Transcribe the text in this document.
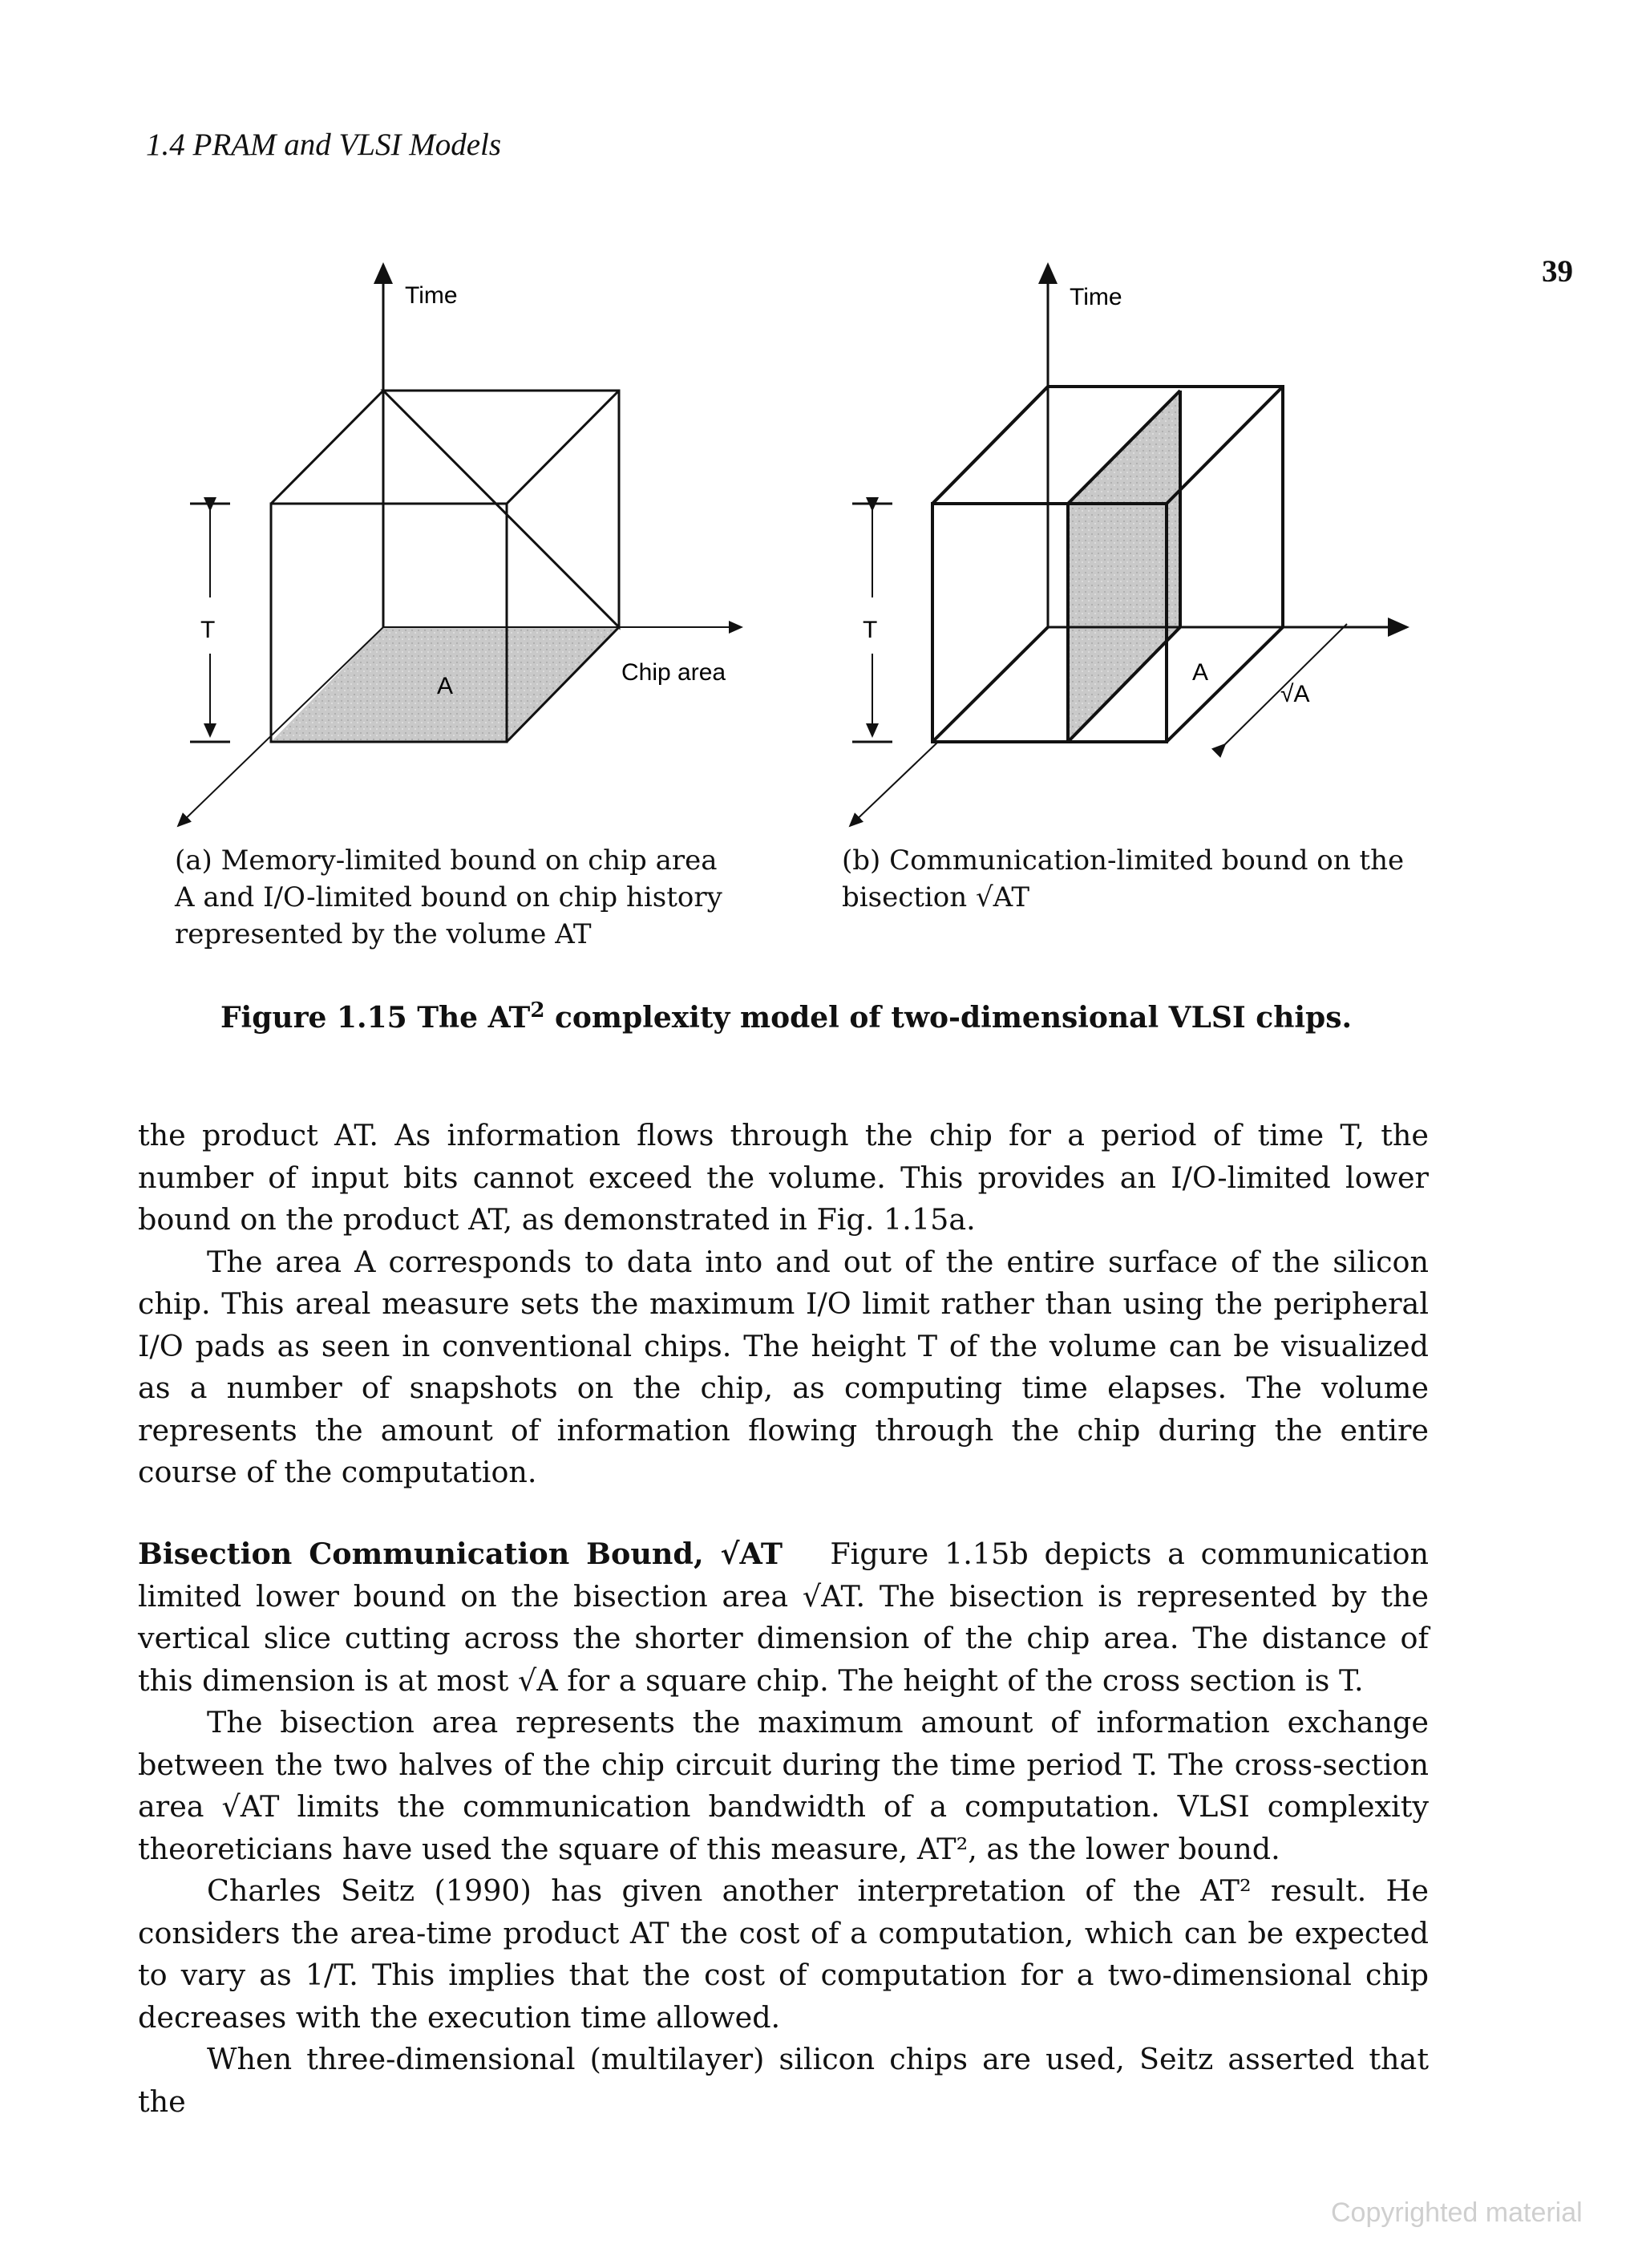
1.4 PRAM and VLSI Models
39
Time
Chip area
T
A
Time
T
A
√A
(a) Memory-limited bound on chip area
A and I/O-limited bound on chip history
represented by the volume AT
(b) Communication-limited bound on the
bisection √AT
Figure 1.15 The $AT^2$ complexity model of two-dimensional VLSI chips.

the product AT. As information flows through the chip for a period of time T, the number of input bits cannot exceed the volume. This provides an I/O-limited lower bound on the product AT, as demonstrated in Fig. 1.15a.

The area A corresponds to data into and out of the entire surface of the silicon chip. This areal measure sets the maximum I/O limit rather than using the peripheral I/O pads as seen in conventional chips. The height T of the volume can be visualized as a number of snapshots on the chip, as computing time elapses. The volume represents the amount of information flowing through the chip during the entire course of the computation.

Bisection Communication Bound, √AT Figure 1.15b depicts a communication limited lower bound on the bisection area √AT. The bisection is represented by the vertical slice cutting across the shorter dimension of the chip area. The distance of this dimension is at most √A for a square chip. The height of the cross section is T.

The bisection area represents the maximum amount of information exchange between the two halves of the chip circuit during the time period T. The cross-section area √AT limits the communication bandwidth of a computation. VLSI complexity theoreticians have used the square of this measure, AT², as the lower bound.

Charles Seitz (1990) has given another interpretation of the AT² result. He considers the area-time product AT the cost of a computation, which can be expected to vary as 1/T. This implies that the cost of computation for a two-dimensional chip decreases with the execution time allowed.

When three-dimensional (multilayer) silicon chips are used, Seitz asserted that the

Copyrighted material
